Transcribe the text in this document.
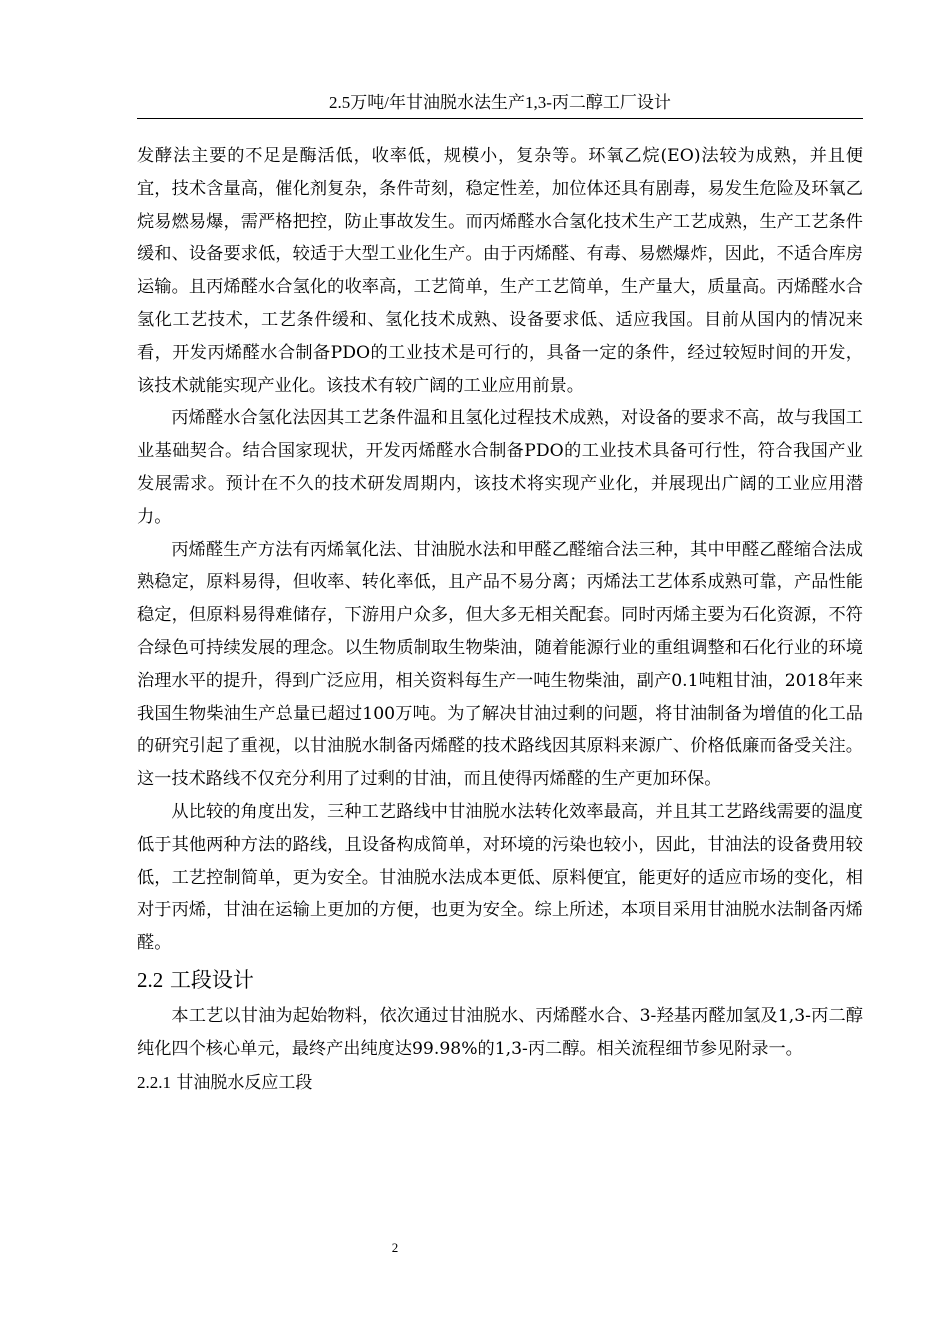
2.5万吨/年甘油脱水法生产1,3-丙二醇工厂设计

发酵法主要的不足是酶活低，收率低，规模小，复杂等。环氧乙烷(EO)法较为成熟，并且便宜，技术含量高，催化剂复杂，条件苛刻，稳定性差，加位体还具有剧毒，易发生危险及环氧乙烷易燃易爆，需严格把控，防止事故发生。而丙烯醛水合氢化技术生产工艺成熟，生产工艺条件缓和、设备要求低，较适于大型工业化生产。由于丙烯醛、有毒、易燃爆炸，因此，不适合库房运输。且丙烯醛水合氢化的收率高，工艺简单，生产工艺简单，生产量大，质量高。丙烯醛水合氢化工艺技术，工艺条件缓和、氢化技术成熟、设备要求低、适应我国。目前从国内的情况来看，开发丙烯醛水合制备PDO的工业技术是可行的，具备一定的条件，经过较短时间的开发，该技术就能实现产业化。该技术有较广阔的工业应用前景。

丙烯醛水合氢化法因其工艺条件温和且氢化过程技术成熟，对设备的要求不高，故与我国工业基础契合。结合国家现状，开发丙烯醛水合制备PDO的工业技术具备可行性，符合我国产业发展需求。预计在不久的技术研发周期内，该技术将实现产业化，并展现出广阔的工业应用潜力。

丙烯醛生产方法有丙烯氧化法、甘油脱水法和甲醛乙醛缩合法三种，其中甲醛乙醛缩合法成熟稳定，原料易得，但收率、转化率低，且产品不易分离；丙烯法工艺体系成熟可靠，产品性能稳定，但原料易得难储存，下游用户众多，但大多无相关配套。同时丙烯主要为石化资源，不符合绿色可持续发展的理念。以生物质制取生物柴油，随着能源行业的重组调整和石化行业的环境治理水平的提升，得到广泛应用，相关资料每生产一吨生物柴油，副产0.1吨粗甘油，2018年来我国生物柴油生产总量已超过100万吨。为了解决甘油过剩的问题，将甘油制备为增值的化工品的研究引起了重视，以甘油脱水制备丙烯醛的技术路线因其原料来源广、价格低廉而备受关注。这一技术路线不仅充分利用了过剩的甘油，而且使得丙烯醛的生产更加环保。

从比较的角度出发，三种工艺路线中甘油脱水法转化效率最高，并且其工艺路线需要的温度低于其他两种方法的路线，且设备构成简单，对环境的污染也较小，因此，甘油法的设备费用较低，工艺控制简单，更为安全。甘油脱水法成本更低、原料便宜，能更好的适应市场的变化，相对于丙烯，甘油在运输上更加的方便，也更为安全。综上所述，本项目采用甘油脱水法制备丙烯醛。

2.2 工段设计

本工艺以甘油为起始物料，依次通过甘油脱水、丙烯醛水合、3-羟基丙醛加氢及1,3-丙二醇纯化四个核心单元，最终产出纯度达99.98%的1,3-丙二醇。相关流程细节参见附录一。

2.2.1 甘油脱水反应工段
2
